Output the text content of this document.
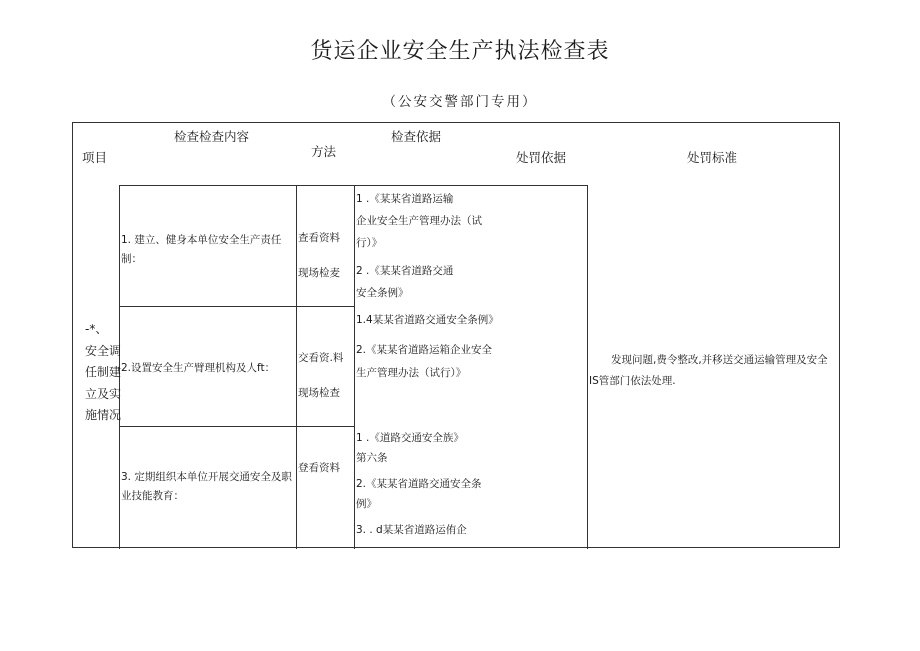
货运企业安全生产执法检查表
（公安交警部门专用）
项目
检查检查内容
方法
检查依据
处罚依据	处罚标准
-*、
安全调
任制建
立及实
施情况
1. 建立、健身本单位安全生产责任
制：
查看资料
现场检麦
1 .《某某省道路运输
企业安全生产管理办法（试
行）》
2 .《某某省道路交通
安全条例》
2.设置安全生产臂理机构及人ft：
交看资.料
现场检查
1.4某某省道路交通安全条例》
2.《某某省道路运箱企业安全
生产管理办法（试行）》
3. 定期组织本单位开展交通安全及职
业技能教育：
登看资料
1 .《道路交通安全族》
第六条
2.《某某省道路交通安全条
例》
3. . d某某省道路运侑企
发现问题,费令整改,并移送交通运输管理及安全
IS管部门依法处理.
